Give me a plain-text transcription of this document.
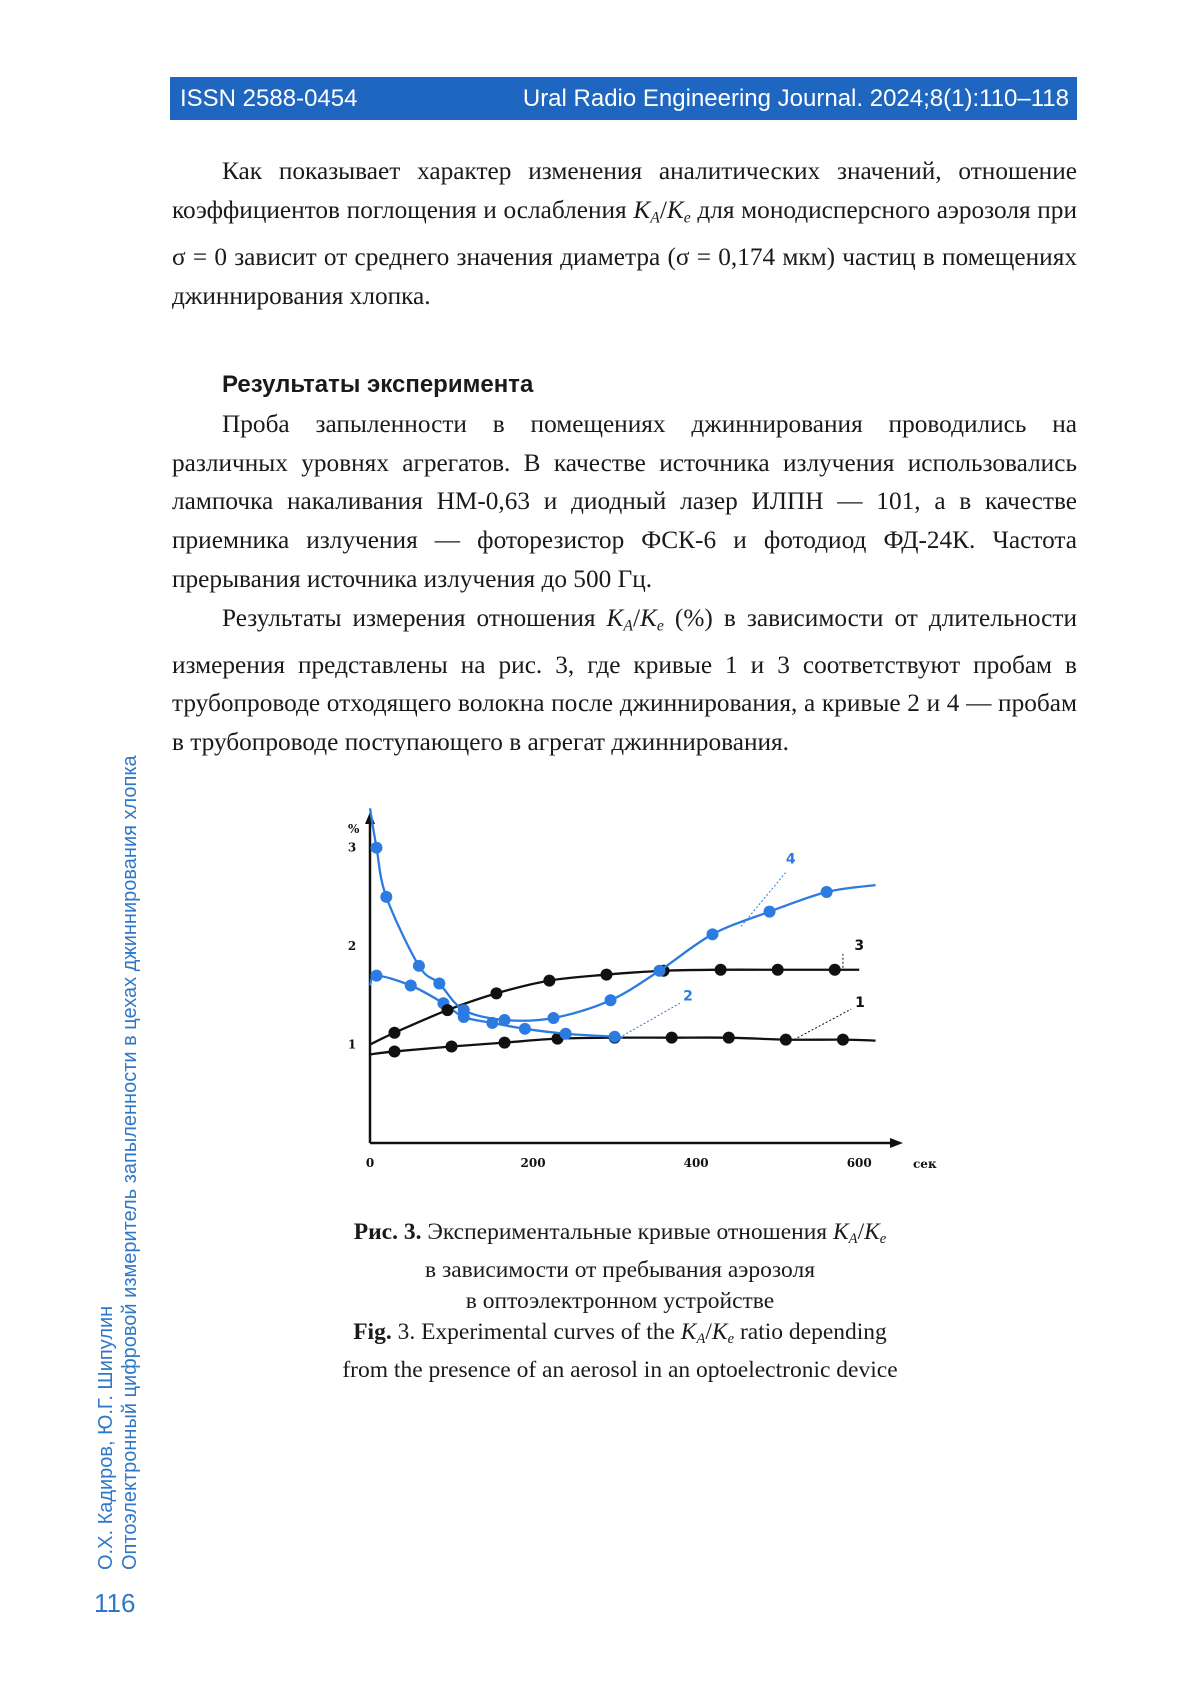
ISSN 2588-0454	Ural Radio Engineering Journal. 2024;8(1):110–118

Как показывает характер изменения аналитических значений, отношение коэффициентов поглощения и ослабления $K_A/K_e$ для монодисперсного аэрозоля при σ = 0 зависит от среднего значения диаметра (σ = 0,174 мкм) частиц в помещениях джиннирования хлопка.

Результаты эксперимента

Проба запыленности в помещениях джиннирования проводились на различных уровнях агрегатов. В качестве источника излучения использовались лампочка накаливания НМ-0,63 и диодный лазер ИЛПН — 101, а в качестве приемника излучения — фоторезистор ФСК-6 и фотодиод ФД-24К. Частота прерывания источника излучения до 500 Гц.

Результаты измерения отношения $K_A/K_e$ (%) в зависимости от длительности измерения представлены на рис. 3, где кривые 1 и 3 соответствуют пробам в трубопроводе отходящего волокна после джиннирования, а кривые 2 и 4 — пробам в трубопроводе поступающего в агрегат джиннирования.

%
сек
0	200	400	600
1
2
3
1
2
3
4
Рис. 3. Экспериментальные кривые отношения $K_A/K_e$
в зависимости от пребывания аэрозоля
в оптоэлектронном устройстве
Fig. 3. Experimental curves of the $K_A/K_e$ ratio depending
from the presence of an aerosol in an optoelectronic device
О.Х. Кадиров, Ю.Г. Шипулин Оптоэлектронный цифровой измеритель запыленности в цехах джиннирования хлопка
116
